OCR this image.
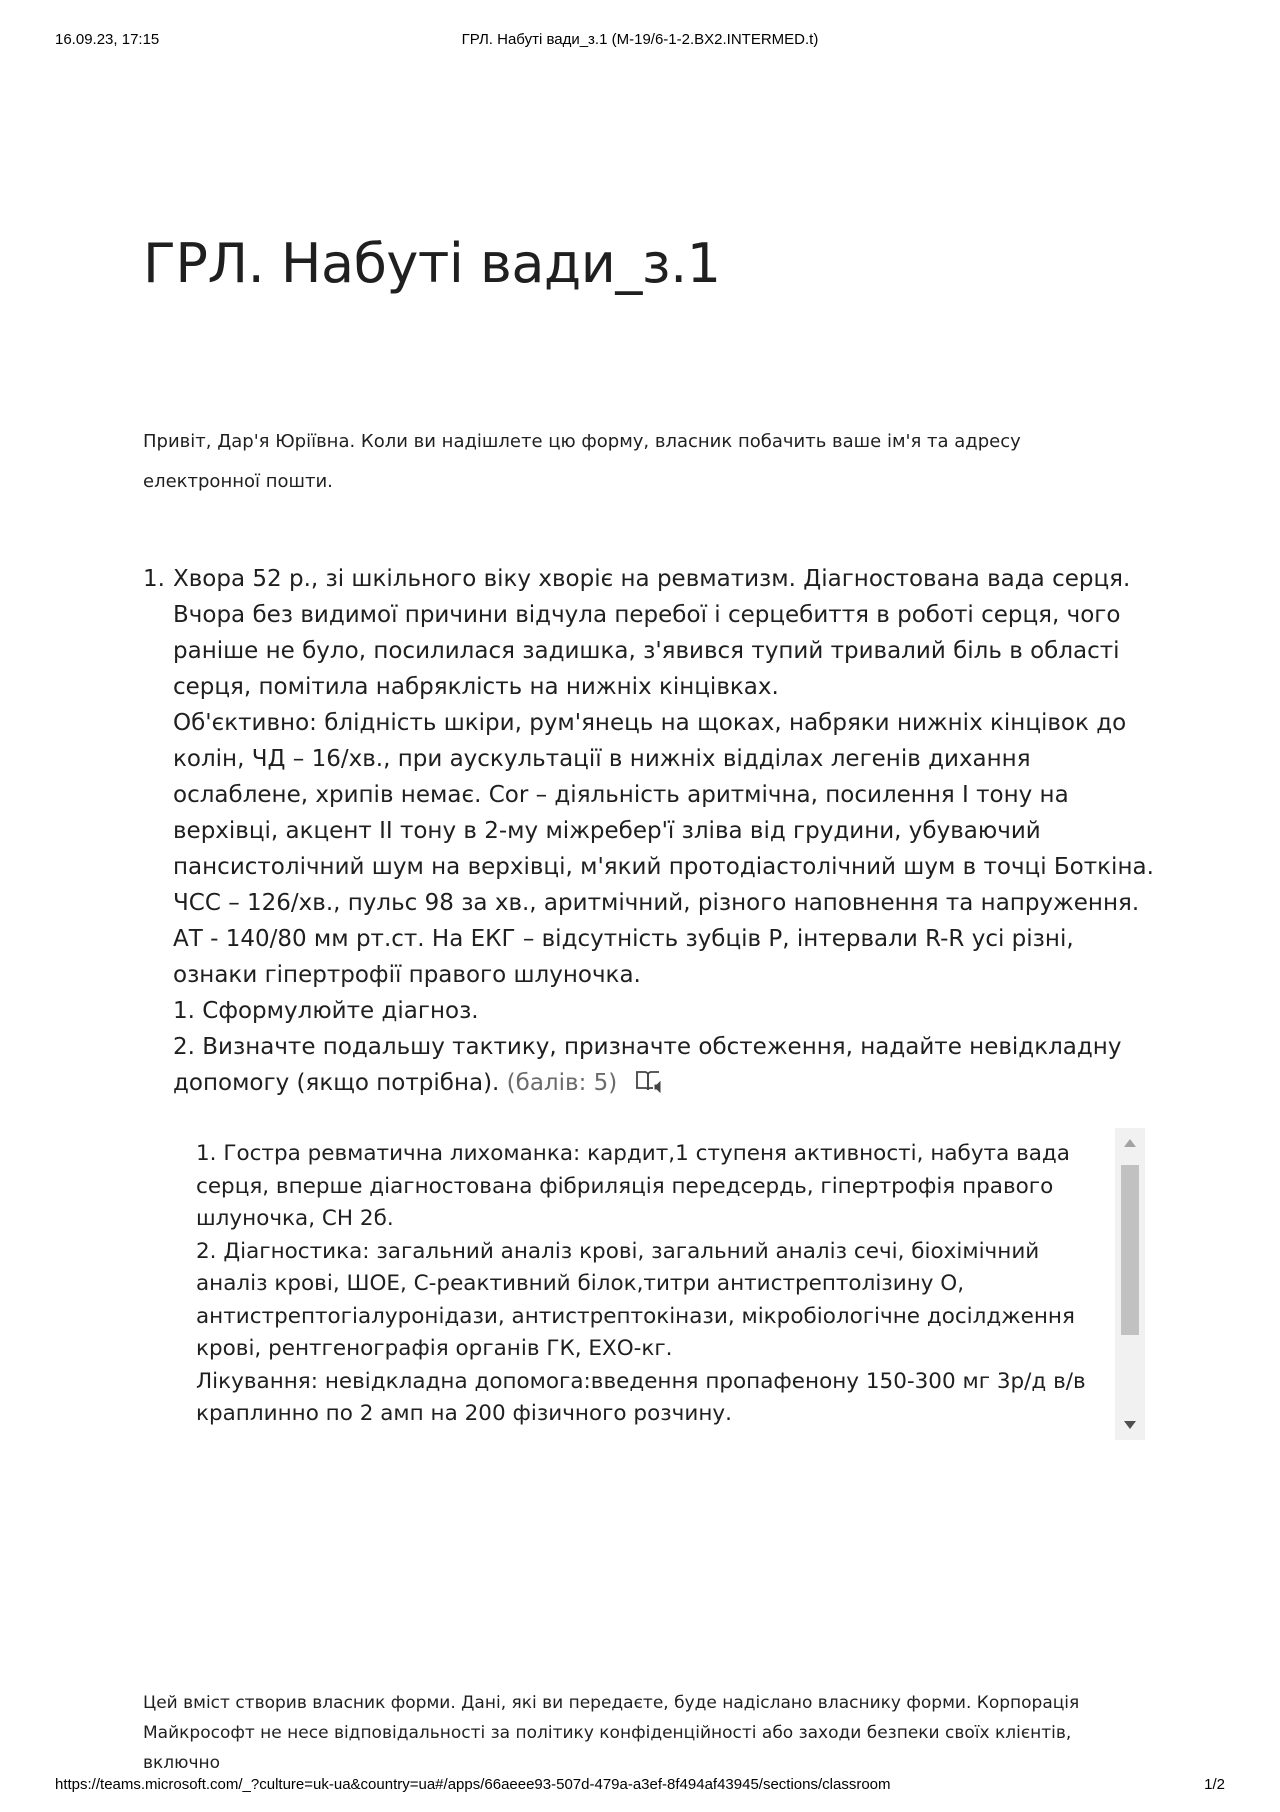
16.09.23, 17:15	ГРЛ. Набуті вади_з.1 (M-19/6-1-2.BX2.INTERMED.t)
ГРЛ. Набуті вади_з.1

Привіт, Дар'я Юріївна. Коли ви надішлете цю форму, власник побачить ваше ім'я та адресу електронної пошти.

1. Хвора 52 р., зі шкільного віку хворіє на ревматизм. Діагностована вада серця. Вчора без видимої причини відчула перебої і серцебиття в роботі серця, чого раніше не було, посилилася задишка, з'явився тупий тривалий біль в області серця, помітила набряклість на нижніх кінцівках.
Об'єктивно: блідність шкіри, рум'янець на щоках, набряки нижніх кінцівок до колін, ЧД – 16/хв., при аускультації в нижніх відділах легенів дихання ослаблене, хрипів немає. Cor – діяльність аритмічна, посилення І тону на верхівці, акцент ІІ тону в 2-му міжребер'ї зліва від грудини, убуваючий пансистолічний шум на верхівці, м'який протодіастолічний шум в точці Боткіна. ЧСС – 126/хв., пульс 98 за хв., аритмічний, різного наповнення та напруження. АТ - 140/80 мм рт.ст. На ЕКГ – відсутність зубців Р, інтервали R-R усі різні, ознаки гіпертрофії правого шлуночка.
1. Сформулюйте діагноз.
2. Визначте подальшу тактику, призначте обстеження, надайте невідкладну допомогу (якщо потрібна). (балів: 5)

1. Гостра ревматична лихоманка: кардит,1 ступеня активності, набута вада серця, вперше діагностована фібриляція передсердь, гіпертрофія правого шлуночка, СН 2б.
2. Діагностика: загальний аналіз крові, загальний аналіз сечі, біохімічний аналіз крові, ШОЕ, С-реактивний білок,титри антистрептолізину О, антистрептогіалуронідази, антистрептокінази, мікробіологічне досілдження крові, рентгенографія органів ГК, ЕХО-кг.
Лікування: невідкладна допомога:введення пропафенону 150-300 мг 3р/д в/в краплинно по 2 амп на 200 фізичного розчину.

Цей вміст створив власник форми. Дані, які ви передаєте, буде надіслано власнику форми. Корпорація Майкрософт не несе відповідальності за політику конфіденційності або заходи безпеки своїх клієнтів, включно

https://teams.microsoft.com/_?culture=uk-ua&country=ua#/apps/66aeee93-507d-479a-a3ef-8f494af43945/sections/classroom	1/2
